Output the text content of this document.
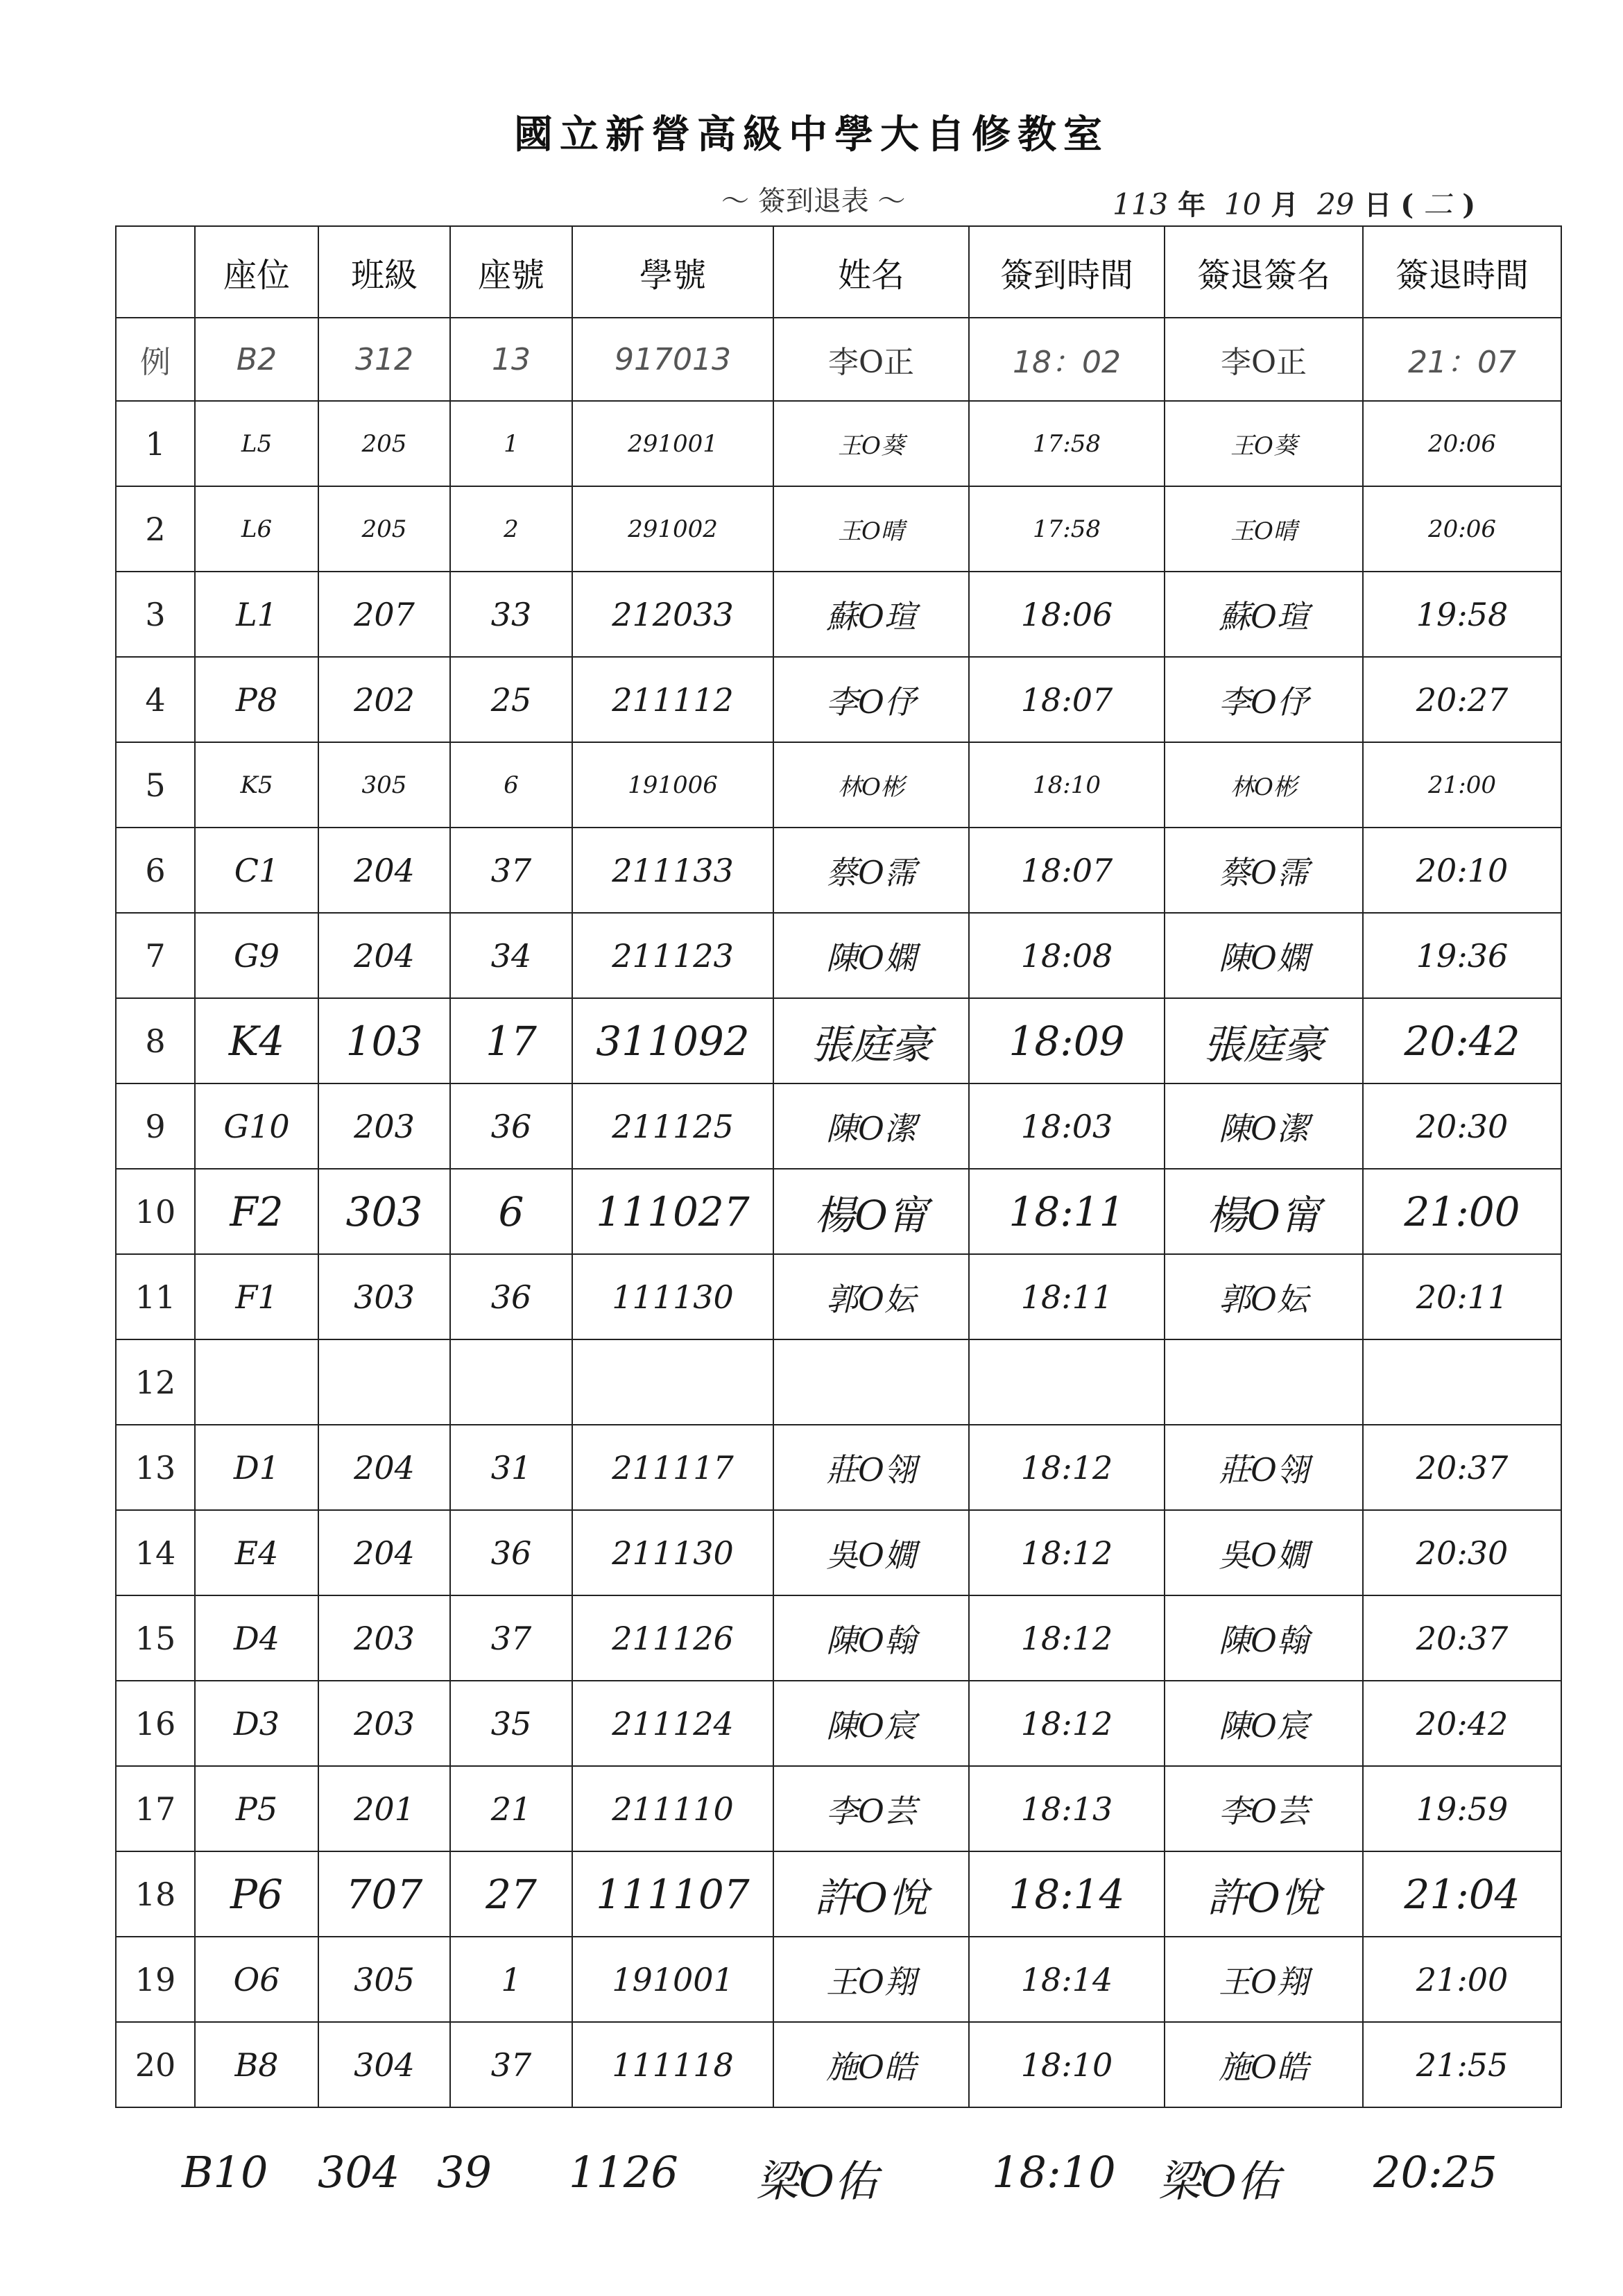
國立新營高級中學大自修教室
～ 簽到退表 ～	113 年 10 月 29 日 ( 二 )
	座位	班級	座號	學號	姓名	簽到時間	簽退簽名	簽退時間
例	B2	312	13	917013	李O正	18：02	李O正	21：07
1	L5	205	1	291001	王O葵	17:58	王O葵	20:06
2	L6	205	2	291002	王O晴	17:58	王O晴	20:06
3	L1	207	33	212033	蘇O瑄	18:06	蘇O瑄	19:58
4	P8	202	25	211112	李O伃	18:07	李O伃	20:27
5	K5	305	6	191006	林O彬	18:10	林O彬	21:00
6	C1	204	37	211133	蔡O霈	18:07	蔡O霈	20:10
7	G9	204	34	211123	陳O嫻	18:08	陳O嫻	19:36
8	K4	103	17	311092	張庭豪	18:09	張庭豪	20:42
9	G10	203	36	211125	陳O潔	18:03	陳O潔	20:30
10	F2	303	6	111027	楊O甯	18:11	楊O甯	21:00
11	F1	303	36	111130	郭O妘	18:11	郭O妘	20:11
12								
13	D1	204	31	211117	莊O翎	18:12	莊O翎	20:37
14	E4	204	36	211130	吳O嫺	18:12	吳O嫺	20:30
15	D4	203	37	211126	陳O翰	18:12	陳O翰	20:37
16	D3	203	35	211124	陳O宸	18:12	陳O宸	20:42
17	P5	201	21	211110	李O芸	18:13	李O芸	19:59
18	P6	707	27	111107	許O悅	18:14	許O悅	21:04
19	O6	305	1	191001	王O翔	18:14	王O翔	21:00
20	B8	304	37	111118	施O皓	18:10	施O皓	21:55
B10 304 39 1126 梁O佑	18:10 梁O佑 20:25
